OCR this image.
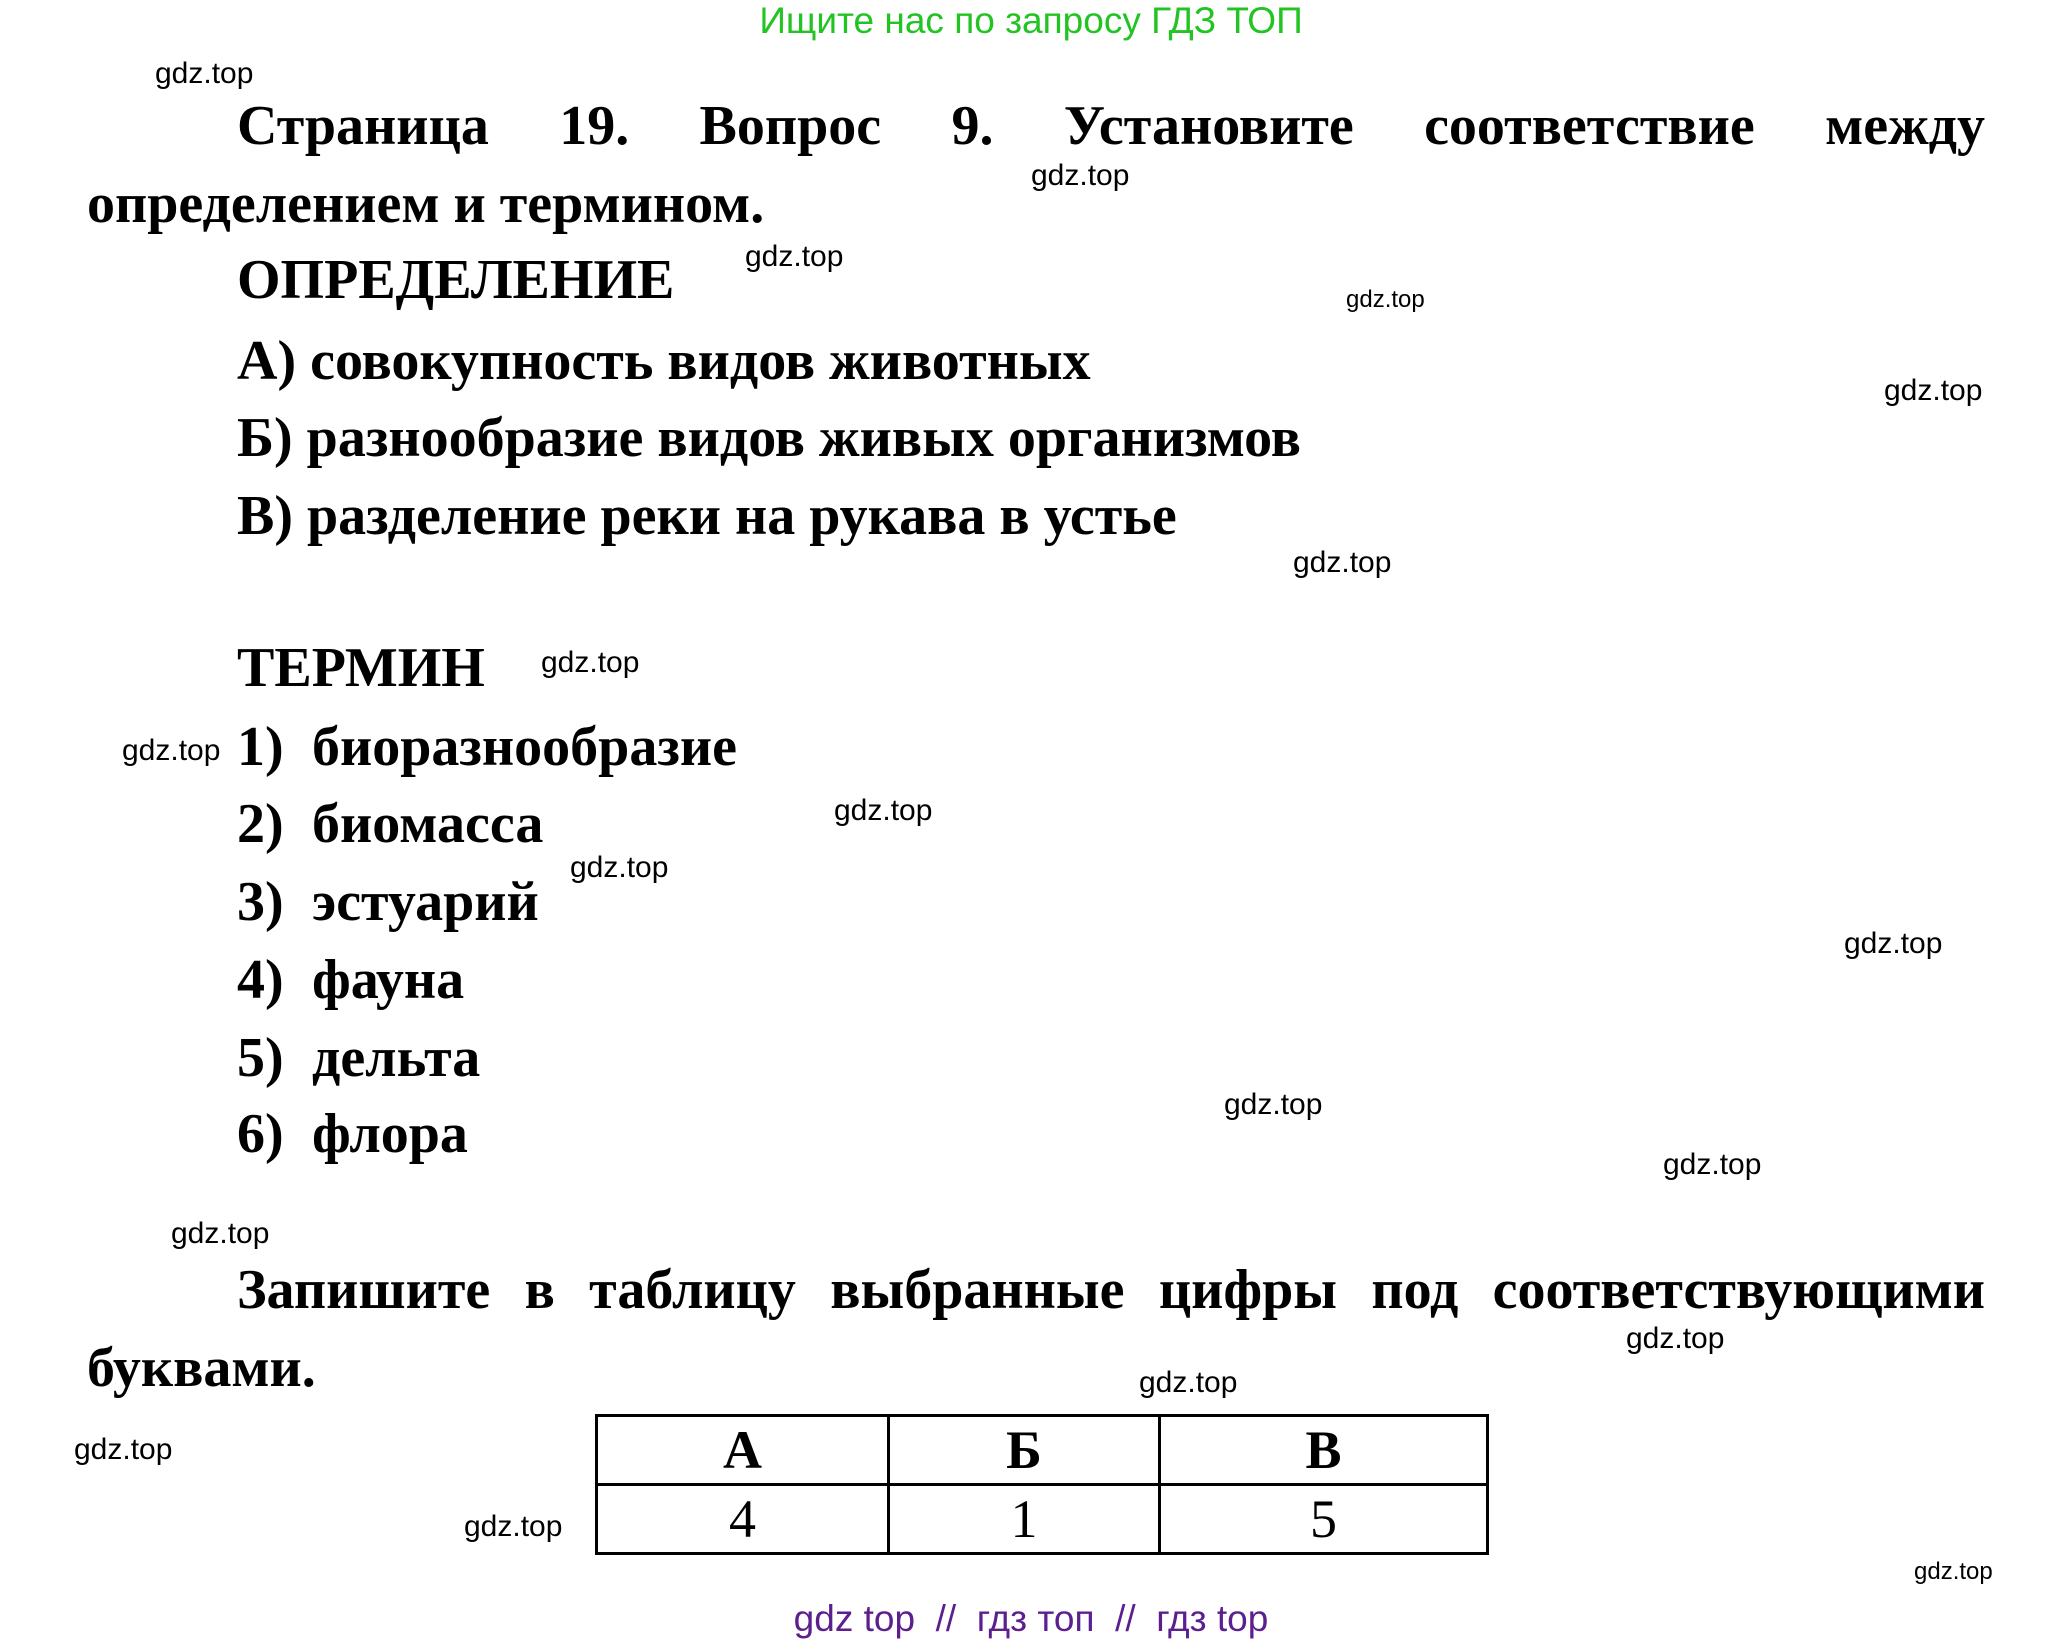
Ищите нас по запросу ГДЗ ТОП
Страница 19. Вопрос 9. Установите соответствие между
определением и термином.
ОПРЕДЕЛЕНИЕ
А) совокупность видов животных
Б) разнообразие видов живых организмов
В) разделение реки на рукава в устье
ТЕРМИН
1) биоразнообразие
2) биомасса
3) эстуарий
4) фауна
5) дельта
6) флора
Запишите в таблицу выбранные цифры под соответствующими
буквами.
А	Б	В
4	1	5
gdz top  //  гдз топ  //  гдз top
gdz.top
gdz.top
gdz.top
gdz.top
gdz.top
gdz.top
gdz.top
gdz.top
gdz.top
gdz.top
gdz.top
gdz.top
gdz.top
gdz.top
gdz.top
gdz.top
gdz.top
gdz.top
gdz.top
